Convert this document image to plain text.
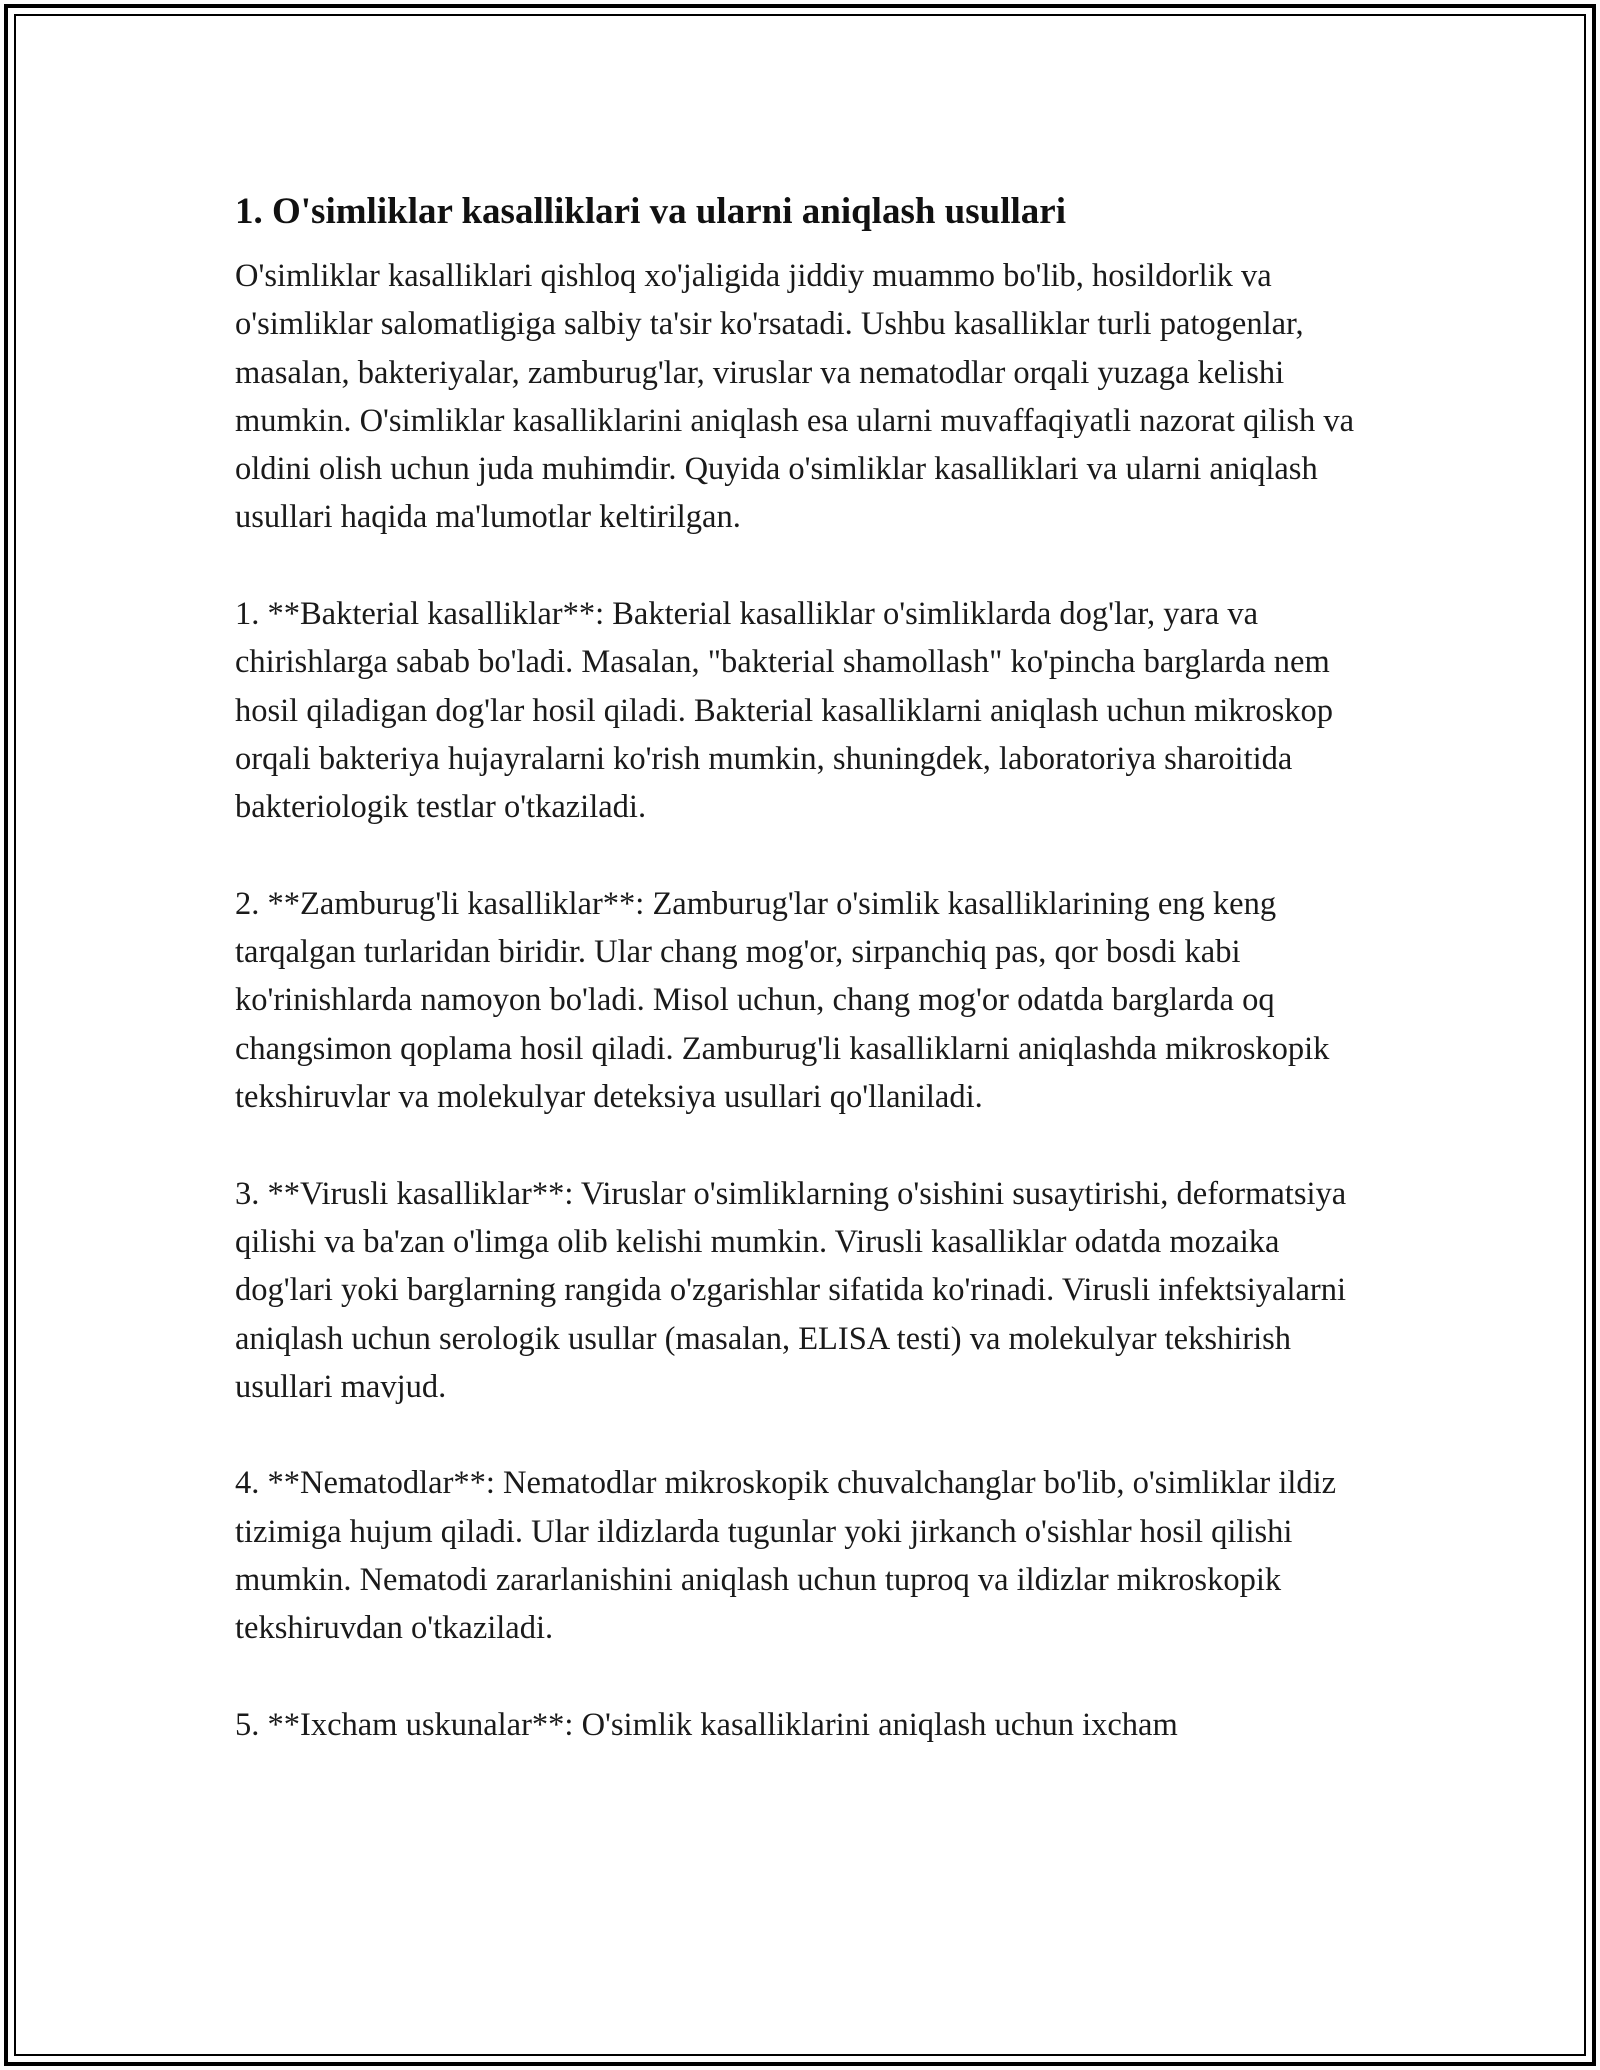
1. O'simliklar kasalliklari va ularni aniqlash usullari

O'simliklar kasalliklari qishloq xo'jaligida jiddiy muammo bo'lib, hosildorlik va o'simliklar salomatligiga salbiy ta'sir ko'rsatadi. Ushbu kasalliklar turli patogenlar, masalan, bakteriyalar, zamburug'lar, viruslar va nematodlar orqali yuzaga kelishi mumkin. O'simliklar kasalliklarini aniqlash esa ularni muvaffaqiyatli nazorat qilish va oldini olish uchun juda muhimdir. Quyida o'simliklar kasalliklari va ularni aniqlash usullari haqida ma'lumotlar keltirilgan.

1. **Bakterial kasalliklar**: Bakterial kasalliklar o'simliklarda dog'lar, yara va chirishlarga sabab bo'ladi. Masalan, "bakterial shamollash" ko'pincha barglarda nem hosil qiladigan dog'lar hosil qiladi. Bakterial kasalliklarni aniqlash uchun mikroskop orqali bakteriya hujayralarni ko'rish mumkin, shuningdek, laboratoriya sharoitida bakteriologik testlar o'tkaziladi.

2. **Zamburug'li kasalliklar**: Zamburug'lar o'simlik kasalliklarining eng keng tarqalgan turlaridan biridir. Ular chang mog'or, sirpanchiq pas, qor bosdi kabi ko'rinishlarda namoyon bo'ladi. Misol uchun, chang mog'or odatda barglarda oq changsimon qoplama hosil qiladi. Zamburug'li kasalliklarni aniqlashda mikroskopik tekshiruvlar va molekulyar deteksiya usullari qo'llaniladi.

3. **Virusli kasalliklar**: Viruslar o'simliklarning o'sishini susaytirishi, deformatsiya qilishi va ba'zan o'limga olib kelishi mumkin. Virusli kasalliklar odatda mozaika dog'lari yoki barglarning rangida o'zgarishlar sifatida ko'rinadi. Virusli infektsiyalarni aniqlash uchun serologik usullar (masalan, ELISA testi) va molekulyar tekshirish usullari mavjud.

4. **Nematodlar**: Nematodlar mikroskopik chuvalchanglar bo'lib, o'simliklar ildiz tizimiga hujum qiladi. Ular ildizlarda tugunlar yoki jirkanch o'sishlar hosil qilishi mumkin. Nematodi zararlanishini aniqlash uchun tuproq va ildizlar mikroskopik tekshiruvdan o'tkaziladi.

5. **Ixcham uskunalar**: O'simlik kasalliklarini aniqlash uchun ixcham
